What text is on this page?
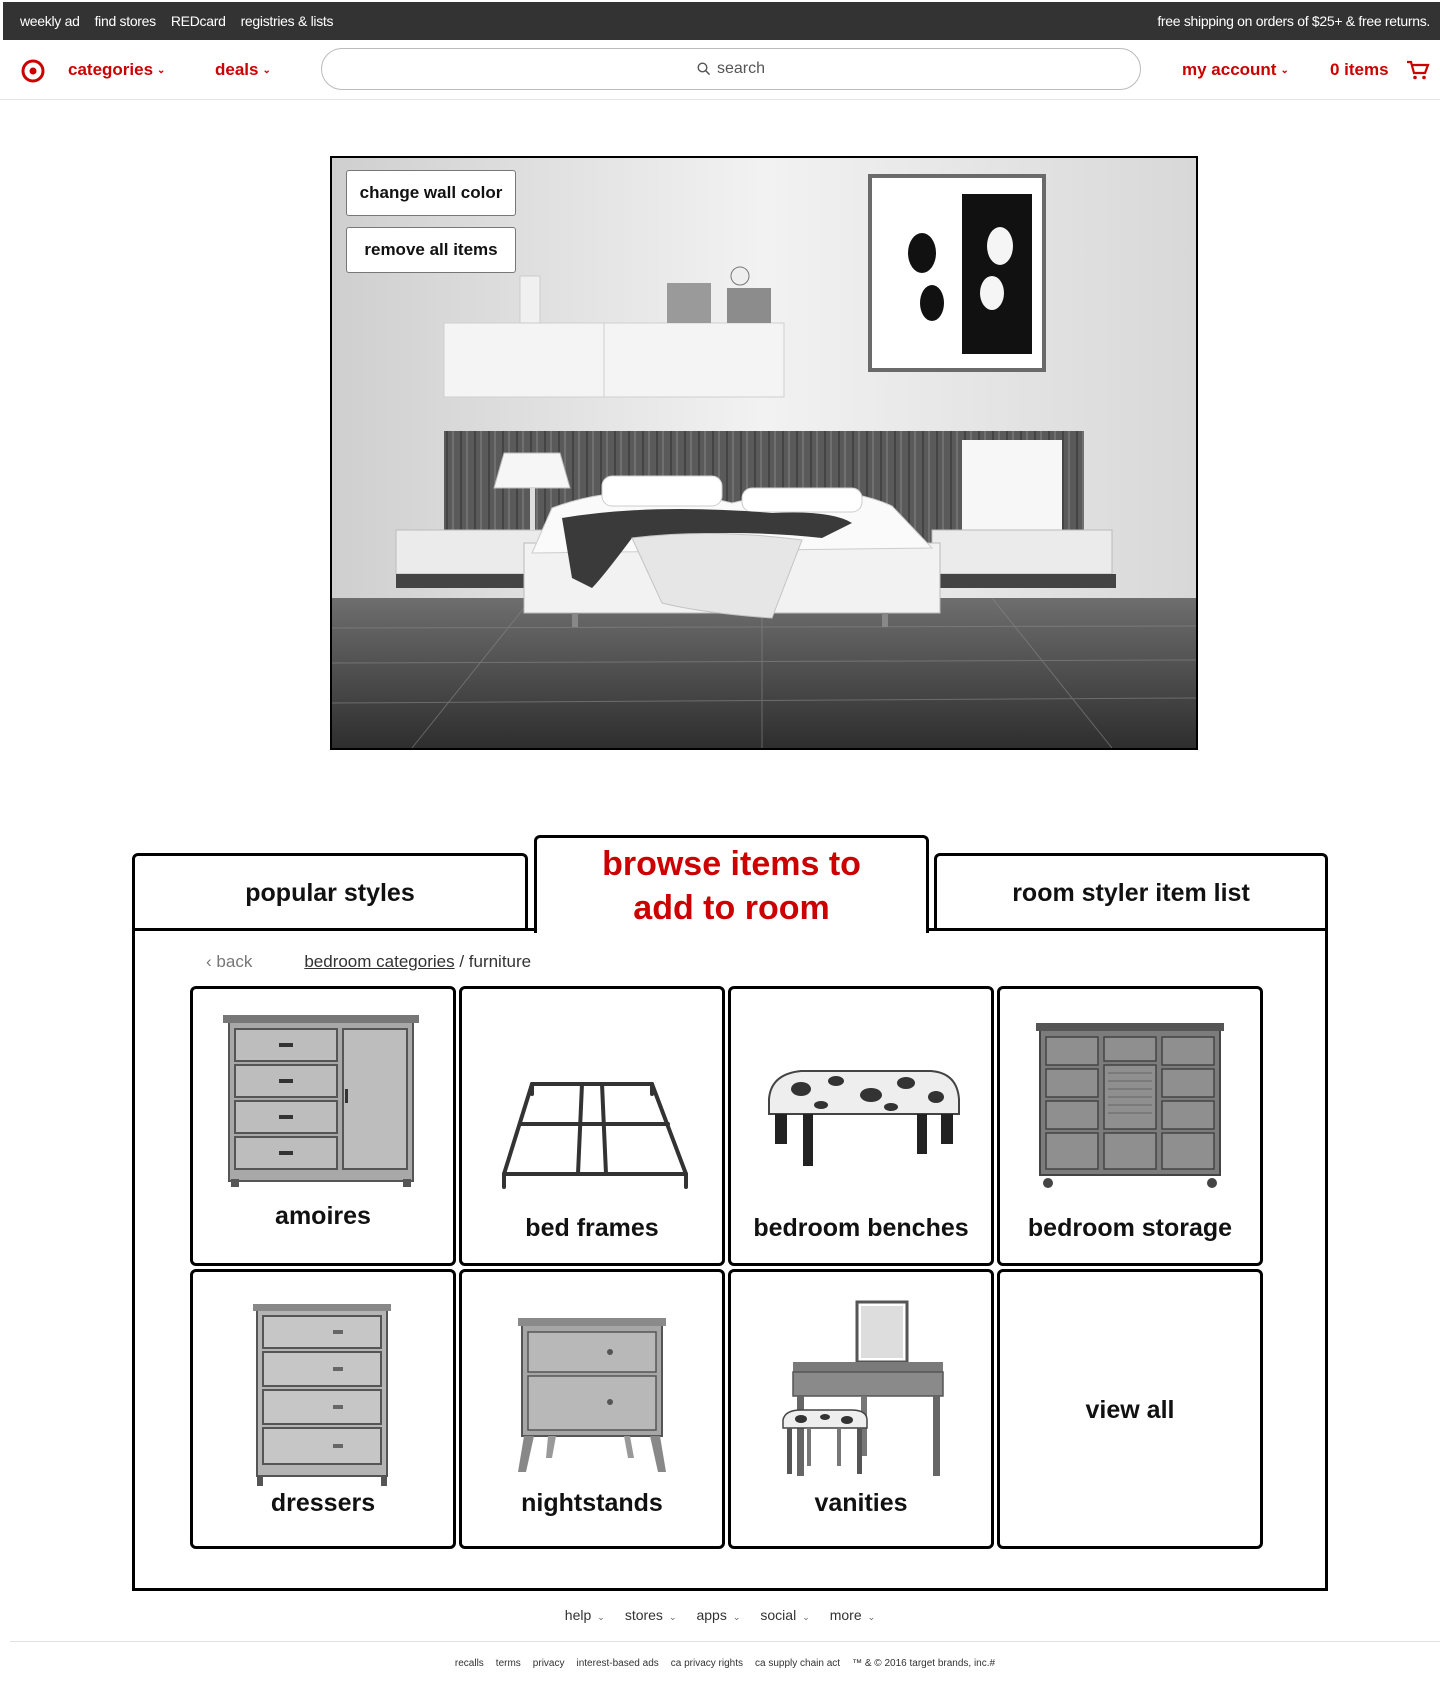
weekly ad find stores REDcard registries & lists	free shipping on orders of $25+ & free returns.
categories ⌄	deals ⌄	search	my account ⌄ 0 items
change wall color
remove all items
popular styles
browse items to
add to room	room styler item list
‹ back	bedroom categories / furniture
amoires	bed frames	bedroom benches	bedroom storage
dressers	nightstands	vanities
view all
help ⌄ stores ⌄ apps ⌄ social ⌄ more ⌄
recalls terms privacy interest-based ads ca privacy rights ca supply chain act ™ & © 2016 target brands, inc.#
